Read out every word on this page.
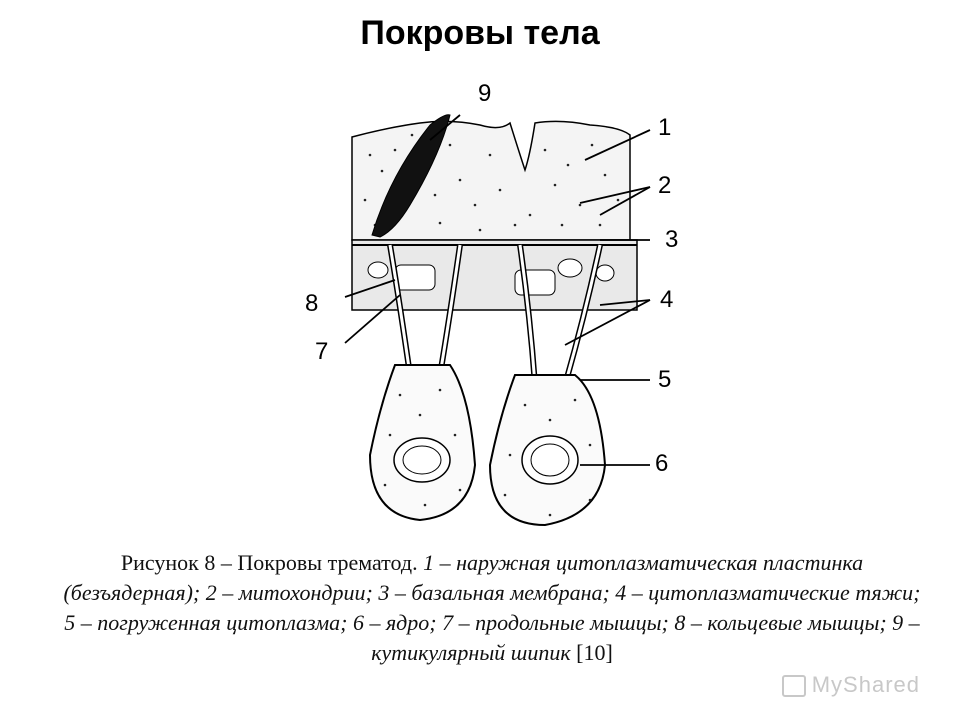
Покровы тела
9
1
2
3
4
5
6
8
7
Рисунок 8 – Покровы трематод. 1 – наружная цитоплазматическая пластинка (безъядерная); 2 – митохондрии; 3 – базальная мембрана; 4 – цитоплазматические тяжи; 5 – погруженная цитоплазма; 6 – ядро; 7 – продольные мышцы; 8 – кольцевые мышцы; 9 – кутикулярный шипик [10]
MyShared
